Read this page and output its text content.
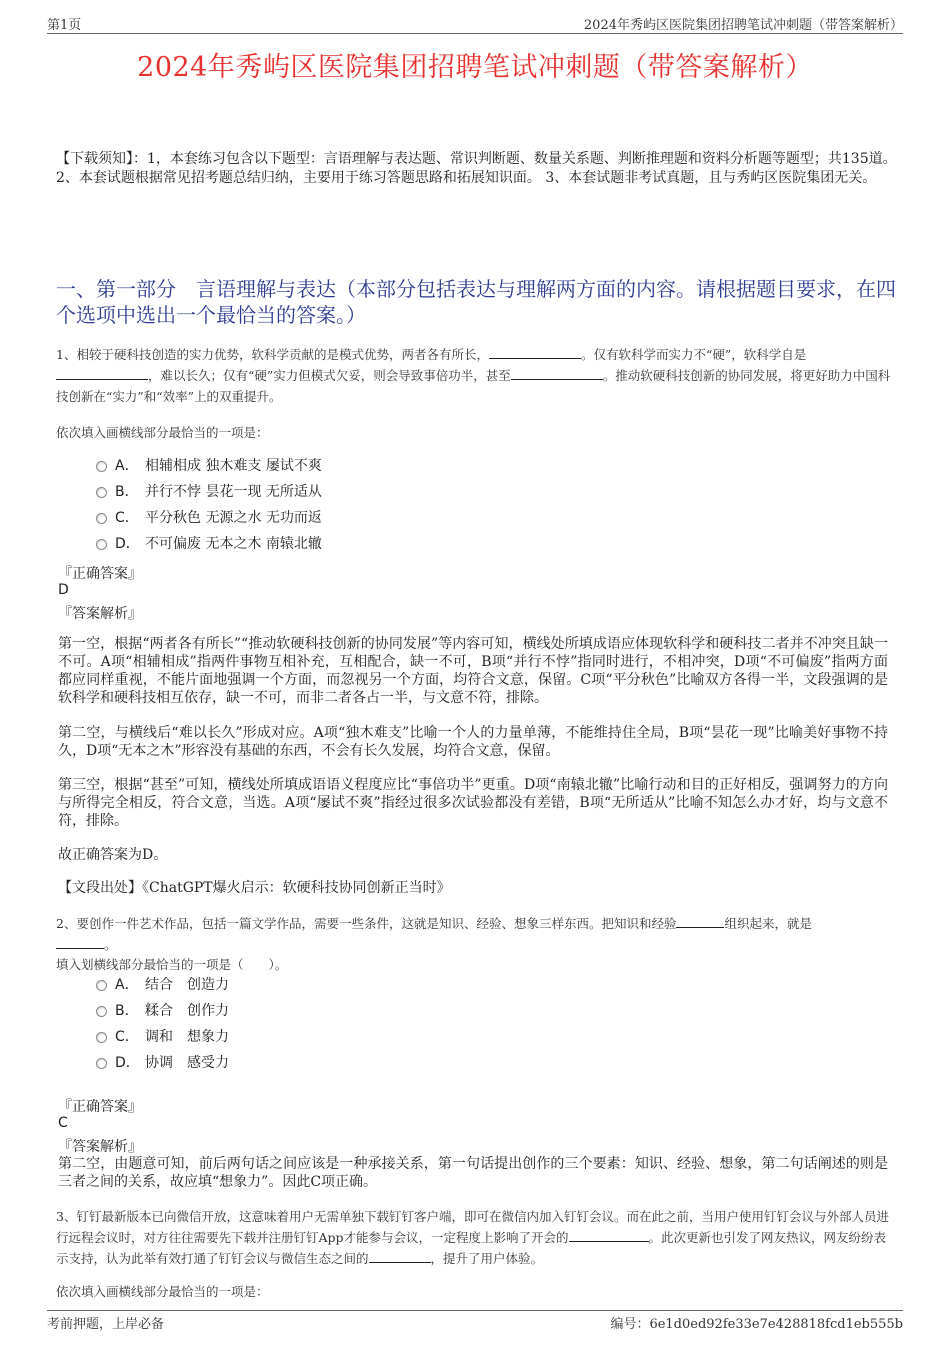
第1页	2024年秀屿区医院集团招聘笔试冲刺题（带答案解析）
2024年秀屿区医院集团招聘笔试冲刺题（带答案解析）
【下载须知】：1，本套练习包含以下题型：言语理解与表达题、常识判断题、数量关系题、判断推理题和资料分析题等题型；共135道。 2、本套试题根据常见招考题总结归纳，主要用于练习答题思路和拓展知识面。 3、本套试题非考试真题，且与秀屿区医院集团无关。
一、第一部分　言语理解与表达（本部分包括表达与理解两方面的内容。请根据题目要求，在四个选项中选出一个最恰当的答案。）
1、相较于硬科技创造的实力优势，软科学贡献的是模式优势，两者各有所长，	。仅有软科学而实力不“硬”，软科学自是，难以长久；仅有“硬”实力但模式欠妥，则会导致事倍功半，甚至	。推动软硬科技创新的协同发展，将更好助力中国科技创新在“实力”和“效率”上的双重提升。
依次填入画横线部分最恰当的一项是：
A． 相辅相成 独木难支 屡试不爽
B． 并行不悖 昙花一现 无所适从
C． 平分秋色 无源之水 无功而返
D． 不可偏废 无本之木 南辕北辙
『正确答案』
D
『答案解析』
第一空，根据“两者各有所长”“推动软硬科技创新的协同发展”等内容可知，横线处所填成语应体现软科学和硬科技二者并不冲突且缺一不可。A项“相辅相成”指两件事物互相补充，互相配合，缺一不可，B项“并行不悖”指同时进行，不相冲突，D项“不可偏废”指两方面都应同样重视，不能片面地强调一个方面，而忽视另一个方面，均符合文意，保留。C项“平分秋色”比喻双方各得一半，文段强调的是软科学和硬科技相互依存，缺一不可，而非二者各占一半，与文意不符，排除。
第二空，与横线后“难以长久”形成对应。A项“独木难支”比喻一个人的力量单薄，不能维持住全局，B项“昙花一现”比喻美好事物不持久，D项“无本之木”形容没有基础的东西，不会有长久发展，均符合文意，保留。
第三空，根据“甚至”可知，横线处所填成语语义程度应比“事倍功半”更重。D项“南辕北辙”比喻行动和目的正好相反，强调努力的方向与所得完全相反，符合文意，当选。A项“屡试不爽”指经过很多次试验都没有差错，B项“无所适从”比喻不知怎么办才好，均与文意不符，排除。
故正确答案为D。
【文段出处】《ChatGPT爆火启示：软硬科技协同创新正当时》
2、要创作一件艺术作品，包括一篇文学作品，需要一些条件，这就是知识、经验、想象三样东西。把知识和经验	组织起来，就是
。
填入划横线部分最恰当的一项是（　　）。
A． 结合　创造力
B． 糅合　创作力
C． 调和　想象力
D． 协调　感受力
『正确答案』
C
『答案解析』
第二空，由题意可知，前后两句话之间应该是一种承接关系，第一句话提出创作的三个要素：知识、经验、想象，第二句话阐述的则是三者之间的关系，故应填“想象力”。因此C项正确。
3、钉钉最新版本已向微信开放，这意味着用户无需单独下载钉钉客户端，即可在微信内加入钉钉会议。而在此之前，当用户使用钉钉会议与外部人员进行远程会议时，对方往往需要先下载并注册钉钉App才能参与会议，一定程度上影响了开会的	。此次更新也引发了网友热议，网友纷纷表示支持，认为此举有效打通了钉钉会议与微信生态之间的	，提升了用户体验。
依次填入画横线部分最恰当的一项是：
考前押题，上岸必备	编号：6e1d0ed92fe33e7e428818fcd1eb555b
